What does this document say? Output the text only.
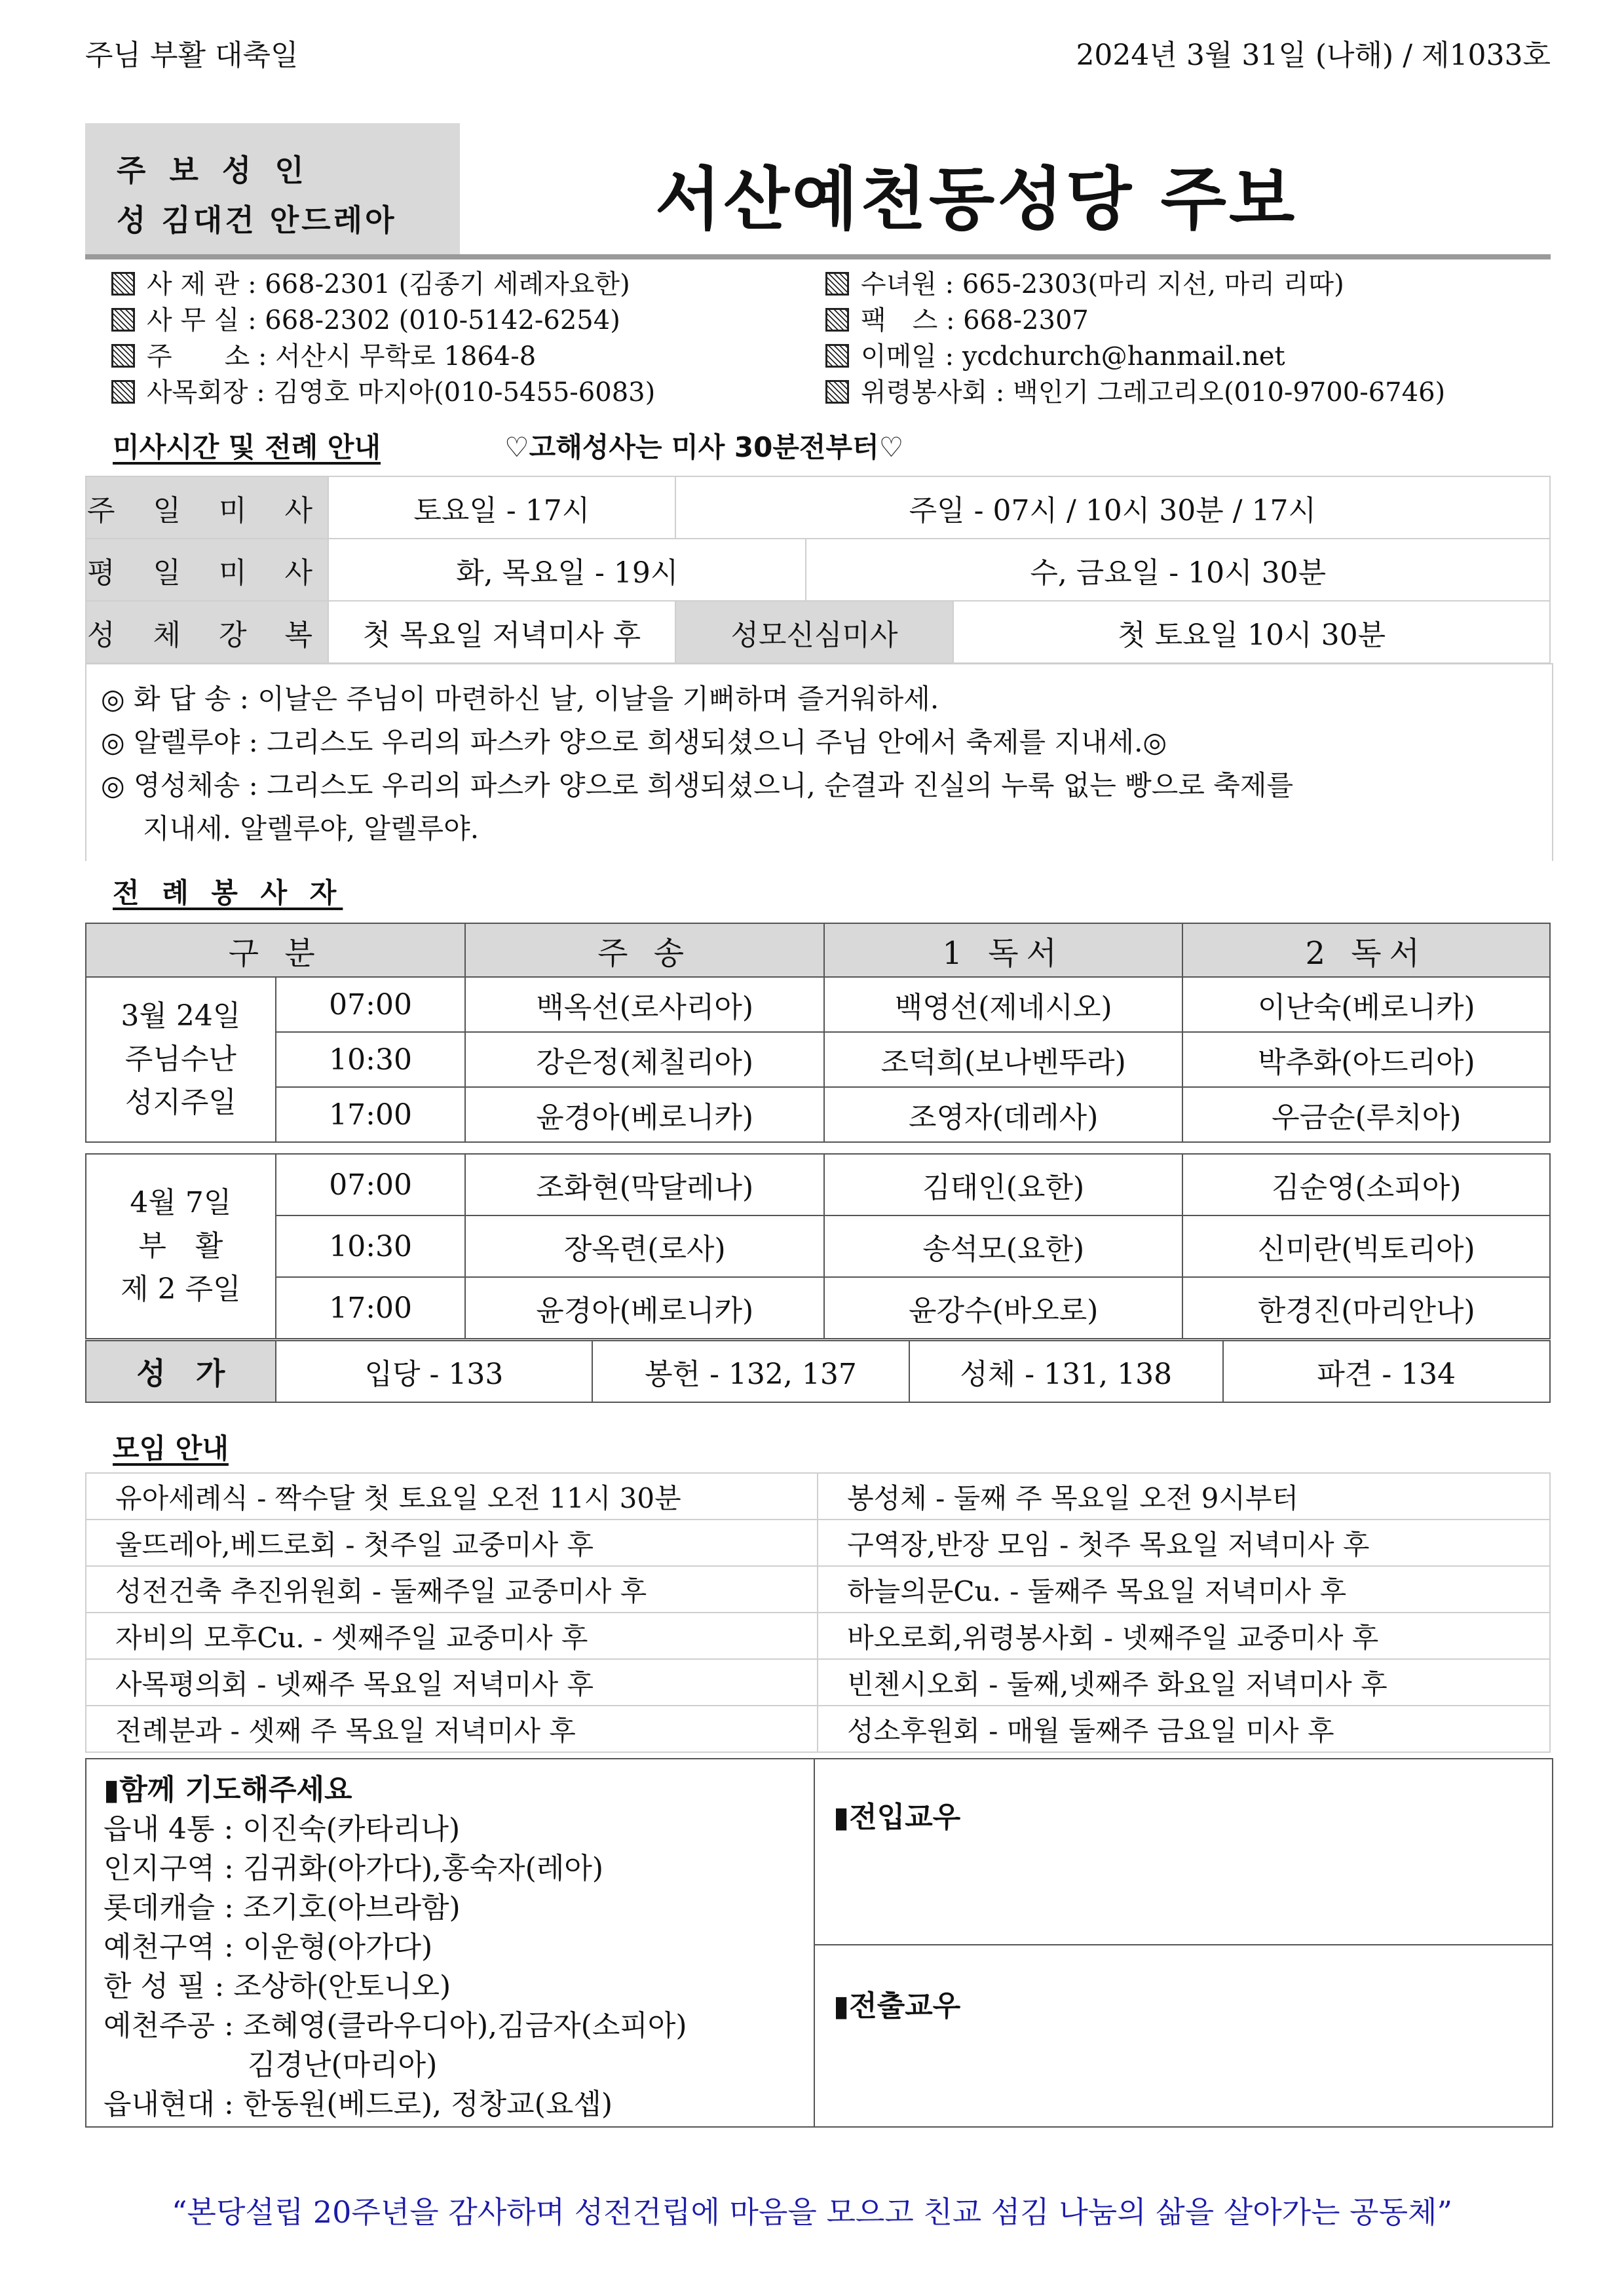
주님 부활 대축일	2024년 3월 31일 (나해) / 제1033호
주 보 성 인
성 김대건 안드레아	서산예천동성당 주보
사 제 관 : 668-2301 (김종기 세례자요한)
사 무 실 : 668-2302 (010-5142-6254)
주　　소 : 서산시 무학로 1864-8
사목회장 : 김영호 마지아(010-5455-6083)
수녀원 : 665-2303(마리 지선, 마리 리따)
팩　스 : 668-2307
이메일 : ycdchurch@hanmail.net
위령봉사회 : 백인기 그레고리오(010-9700-6746)
미사시간 및 전례 안내	♡고해성사는 미사 30분전부터♡
주 일 미 사	토요일 - 17시	주일 - 07시 / 10시 30분 / 17시		
평 일 미 사	화, 목요일 - 19시		수, 금요일 - 10시 30분	
성 체 강 복	첫 목요일 저녁미사 후	성모신심미사		첫 토요일 10시 30분
◎ 화 답 송 : 이날은 주님이 마련하신 날, 이날을 기뻐하며 즐거워하세.
◎ 알렐루야 : 그리스도 우리의 파스카 양으로 희생되셨으니 주님 안에서 축제를 지내세.◎
◎ 영성체송 : 그리스도 우리의 파스카 양으로 희생되셨으니, 순결과 진실의 누룩 없는 빵으로 축제를
지내세. 알렐루야, 알렐루야.
전 례 봉 사 자
구 분		주 송	1 독서	2 독서

3월 24일
주님수난
성지주일	07:00	백옥선(로사리아)	백영선(제네시오)	이난숙(베로니카)
	10:30	강은정(체칠리아)	조덕희(보나벤뚜라)	박추화(아드리아)
	17:00	윤경아(베로니카)	조영자(데레사)	우금순(루치아)
4월 7일
부　활
제 2 주일	07:00	조화현(막달레나)	김태인(요한)	김순영(소피아)
	10:30	장옥련(로사)	송석모(요한)	신미란(빅토리아)
	17:00	윤경아(베로니카)	윤강수(바오로)	한경진(마리안나)
성　가	입당 - 133	봉헌 - 132, 137	성체 - 131, 138	파견 - 134
모임 안내
유아세례식 - 짝수달 첫 토요일 오전 11시 30분	봉성체 - 둘째 주 목요일 오전 9시부터
울뜨레아,베드로회 - 첫주일 교중미사 후	구역장,반장 모임 - 첫주 목요일 저녁미사 후
성전건축 추진위원회 - 둘째주일 교중미사 후	하늘의문Cu. - 둘째주 목요일 저녁미사 후
자비의 모후Cu. - 셋째주일 교중미사 후	바오로회,위령봉사회 - 넷째주일 교중미사 후
사목평의회 - 넷째주 목요일 저녁미사 후	빈첸시오회 - 둘째,넷째주 화요일 저녁미사 후
전례분과 - 셋째 주 목요일 저녁미사 후	성소후원회 - 매월 둘째주 금요일 미사 후
▮함께 기도해주세요
읍내 4통 : 이진숙(카타리나)
인지구역 : 김귀화(아가다),홍숙자(레아)
롯데캐슬 : 조기호(아브라함)
예천구역 : 이운형(아가다)
한 성 필 : 조상하(안토니오)
예천주공 : 조혜영(클라우디아),김금자(소피아)
　　　　　김경난(마리아)
읍내현대 : 한동원(베드로), 정창교(요셉)
▮전입교우
▮전출교우
“본당설립 20주년을 감사하며 성전건립에 마음을 모으고 친교 섬김 나눔의 삶을 살아가는 공동체”
